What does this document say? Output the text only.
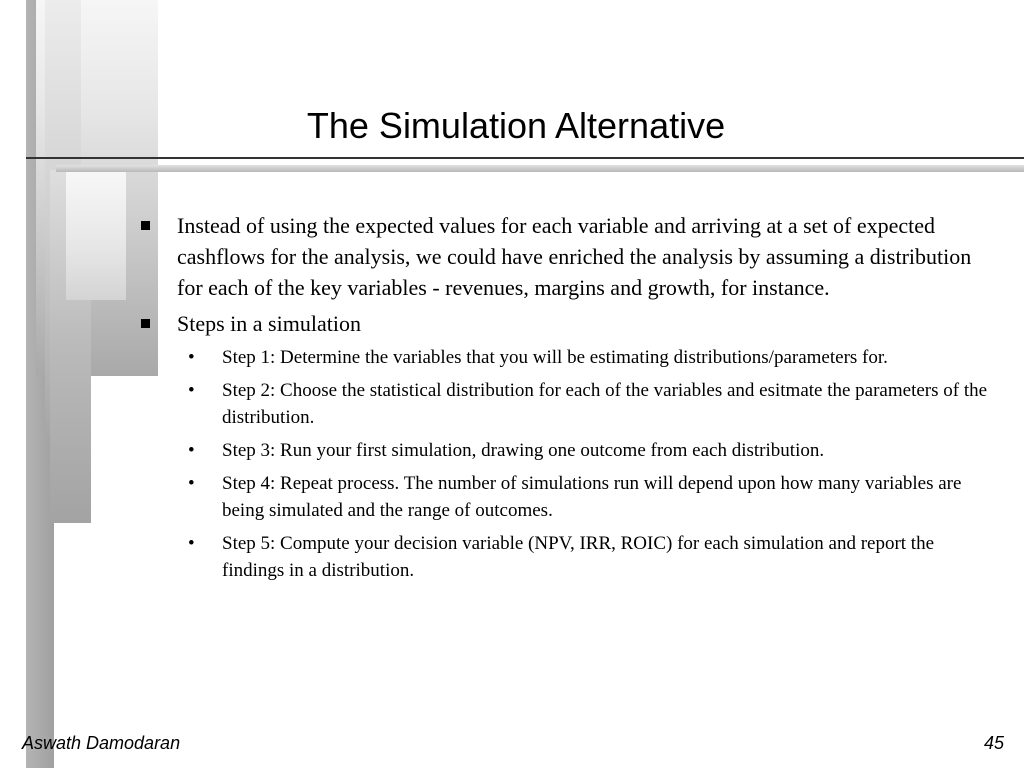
The Simulation Alternative
Instead of using the expected values for each variable and arriving at a set of expected cashflows for the analysis, we could have enriched the analysis by assuming a distribution for each of the key variables - revenues, margins and growth, for instance.
Steps in a simulation
• Step 1: Determine the variables that you will be estimating distributions/parameters for.
• Step 2: Choose the statistical distribution for each of the variables and esitmate the parameters of the distribution.
• Step 3: Run your first simulation, drawing one outcome from each distribution.
• Step 4: Repeat process. The number of simulations run will depend upon how many variables are being simulated and the range of outcomes.
• Step 5: Compute your decision variable (NPV, IRR, ROIC) for each simulation and report the findings in a distribution.
Aswath Damodaran	45
